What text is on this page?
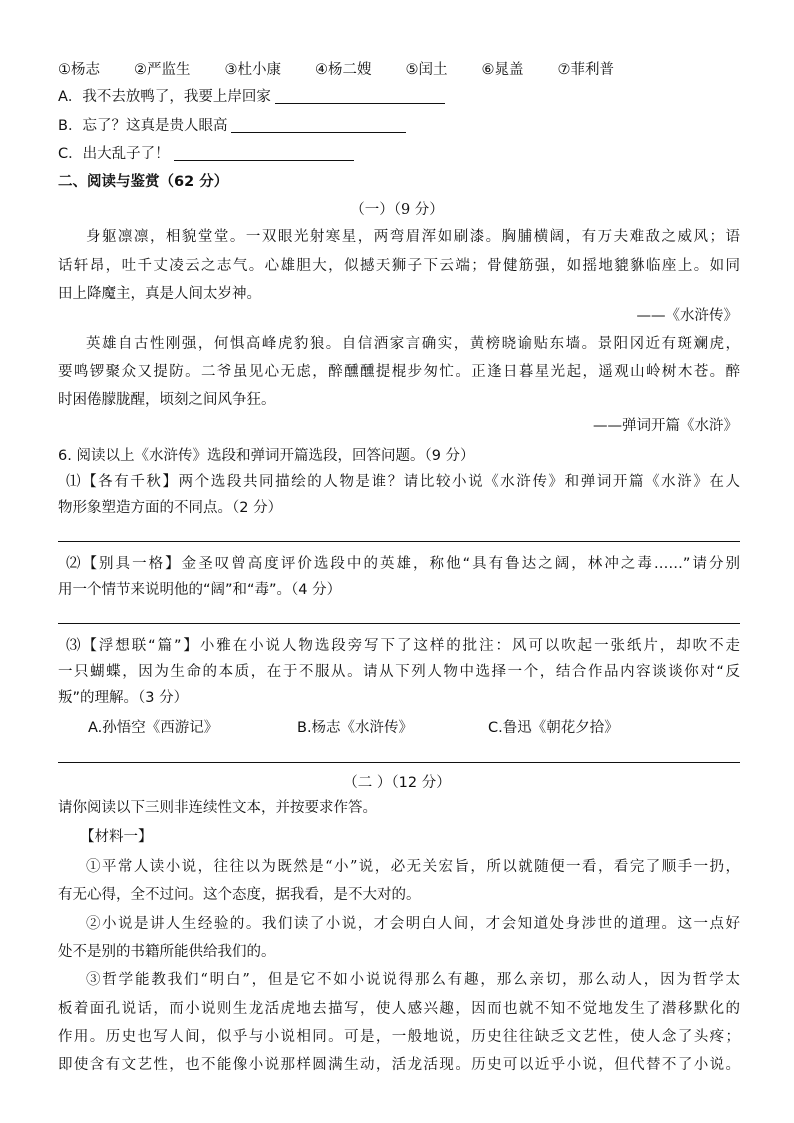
①杨志 ②严监生 ③杜小康 ④杨二嫂 ⑤闰土 ⑥晁盖 ⑦菲利普
A．我不去放鸭了，我要上岸回家
B．忘了？这真是贵人眼高
C．出大乱子了！
二、阅读与鉴赏（62 分）
（一）（9 分）
身躯凛凛，相貌堂堂。一双眼光射寒星，两弯眉浑如刷漆。胸脯横阔，有万夫难敌之威风；语
话轩昂，吐千丈凌云之志气。心雄胆大，似撼天狮子下云端；骨健筋强，如摇地貔貅临座上。如同
田上降魔主，真是人间太岁神。
——《水浒传》
英雄自古性刚强，何惧高峰虎豹狼。自信酒家言确实，黄榜晓谕贴东墙。景阳冈近有斑斓虎，
要鸣锣聚众又提防。二爷虽见心无虑，醉醺醺提棍步匆忙。正逢日暮星光起，遥观山岭树木苍。醉
时困倦朦胧醒，顷刻之间风争狂。
——弹词开篇《水浒》
6. 阅读以上《水浒传》选段和弹词开篇选段，回答问题。（9 分）
⑴【各有千秋】两个选段共同描绘的人物是谁？请比较小说《水浒传》和弹词开篇《水浒》在人
物形象塑造方面的不同点。（2 分）
⑵【别具一格】金圣叹曾高度评价选段中的英雄，称他“具有鲁达之阔，林冲之毒……”请分别
用一个情节来说明他的“阔”和“毒”。（4 分）
⑶【浮想联“篇”】小雅在小说人物选段旁写下了这样的批注：风可以吹起一张纸片，却吹不走
一只蝴蝶，因为生命的本质，在于不服从。请从下列人物中选择一个，结合作品内容谈谈你对“反
叛”的理解。（3 分）
A.孙悟空《西游记》	B.杨志《水浒传》	C.鲁迅《朝花夕拾》
（二 ）（12 分）
请你阅读以下三则非连续性文本，并按要求作答。
【材料一】
①平常人读小说，往往以为既然是“小”说，必无关宏旨，所以就随便一看，看完了顺手一扔，
有无心得，全不过问。这个态度，据我看，是不大对的。
②小说是讲人生经验的。我们读了小说，才会明白人间，才会知道处身涉世的道理。这一点好
处不是别的书籍所能供给我们的。
③哲学能教我们“明白”，但是它不如小说说得那么有趣，那么亲切，那么动人，因为哲学太
板着面孔说话，而小说则生龙活虎地去描写，使人感兴趣，因而也就不知不觉地发生了潜移默化的
作用。历史也写人间，似乎与小说相同。可是，一般地说，历史往往缺乏文艺性，使人念了头疼；
即使含有文艺性，也不能像小说那样圆满生动，活龙活现。历史可以近乎小说，但代替不了小说。
